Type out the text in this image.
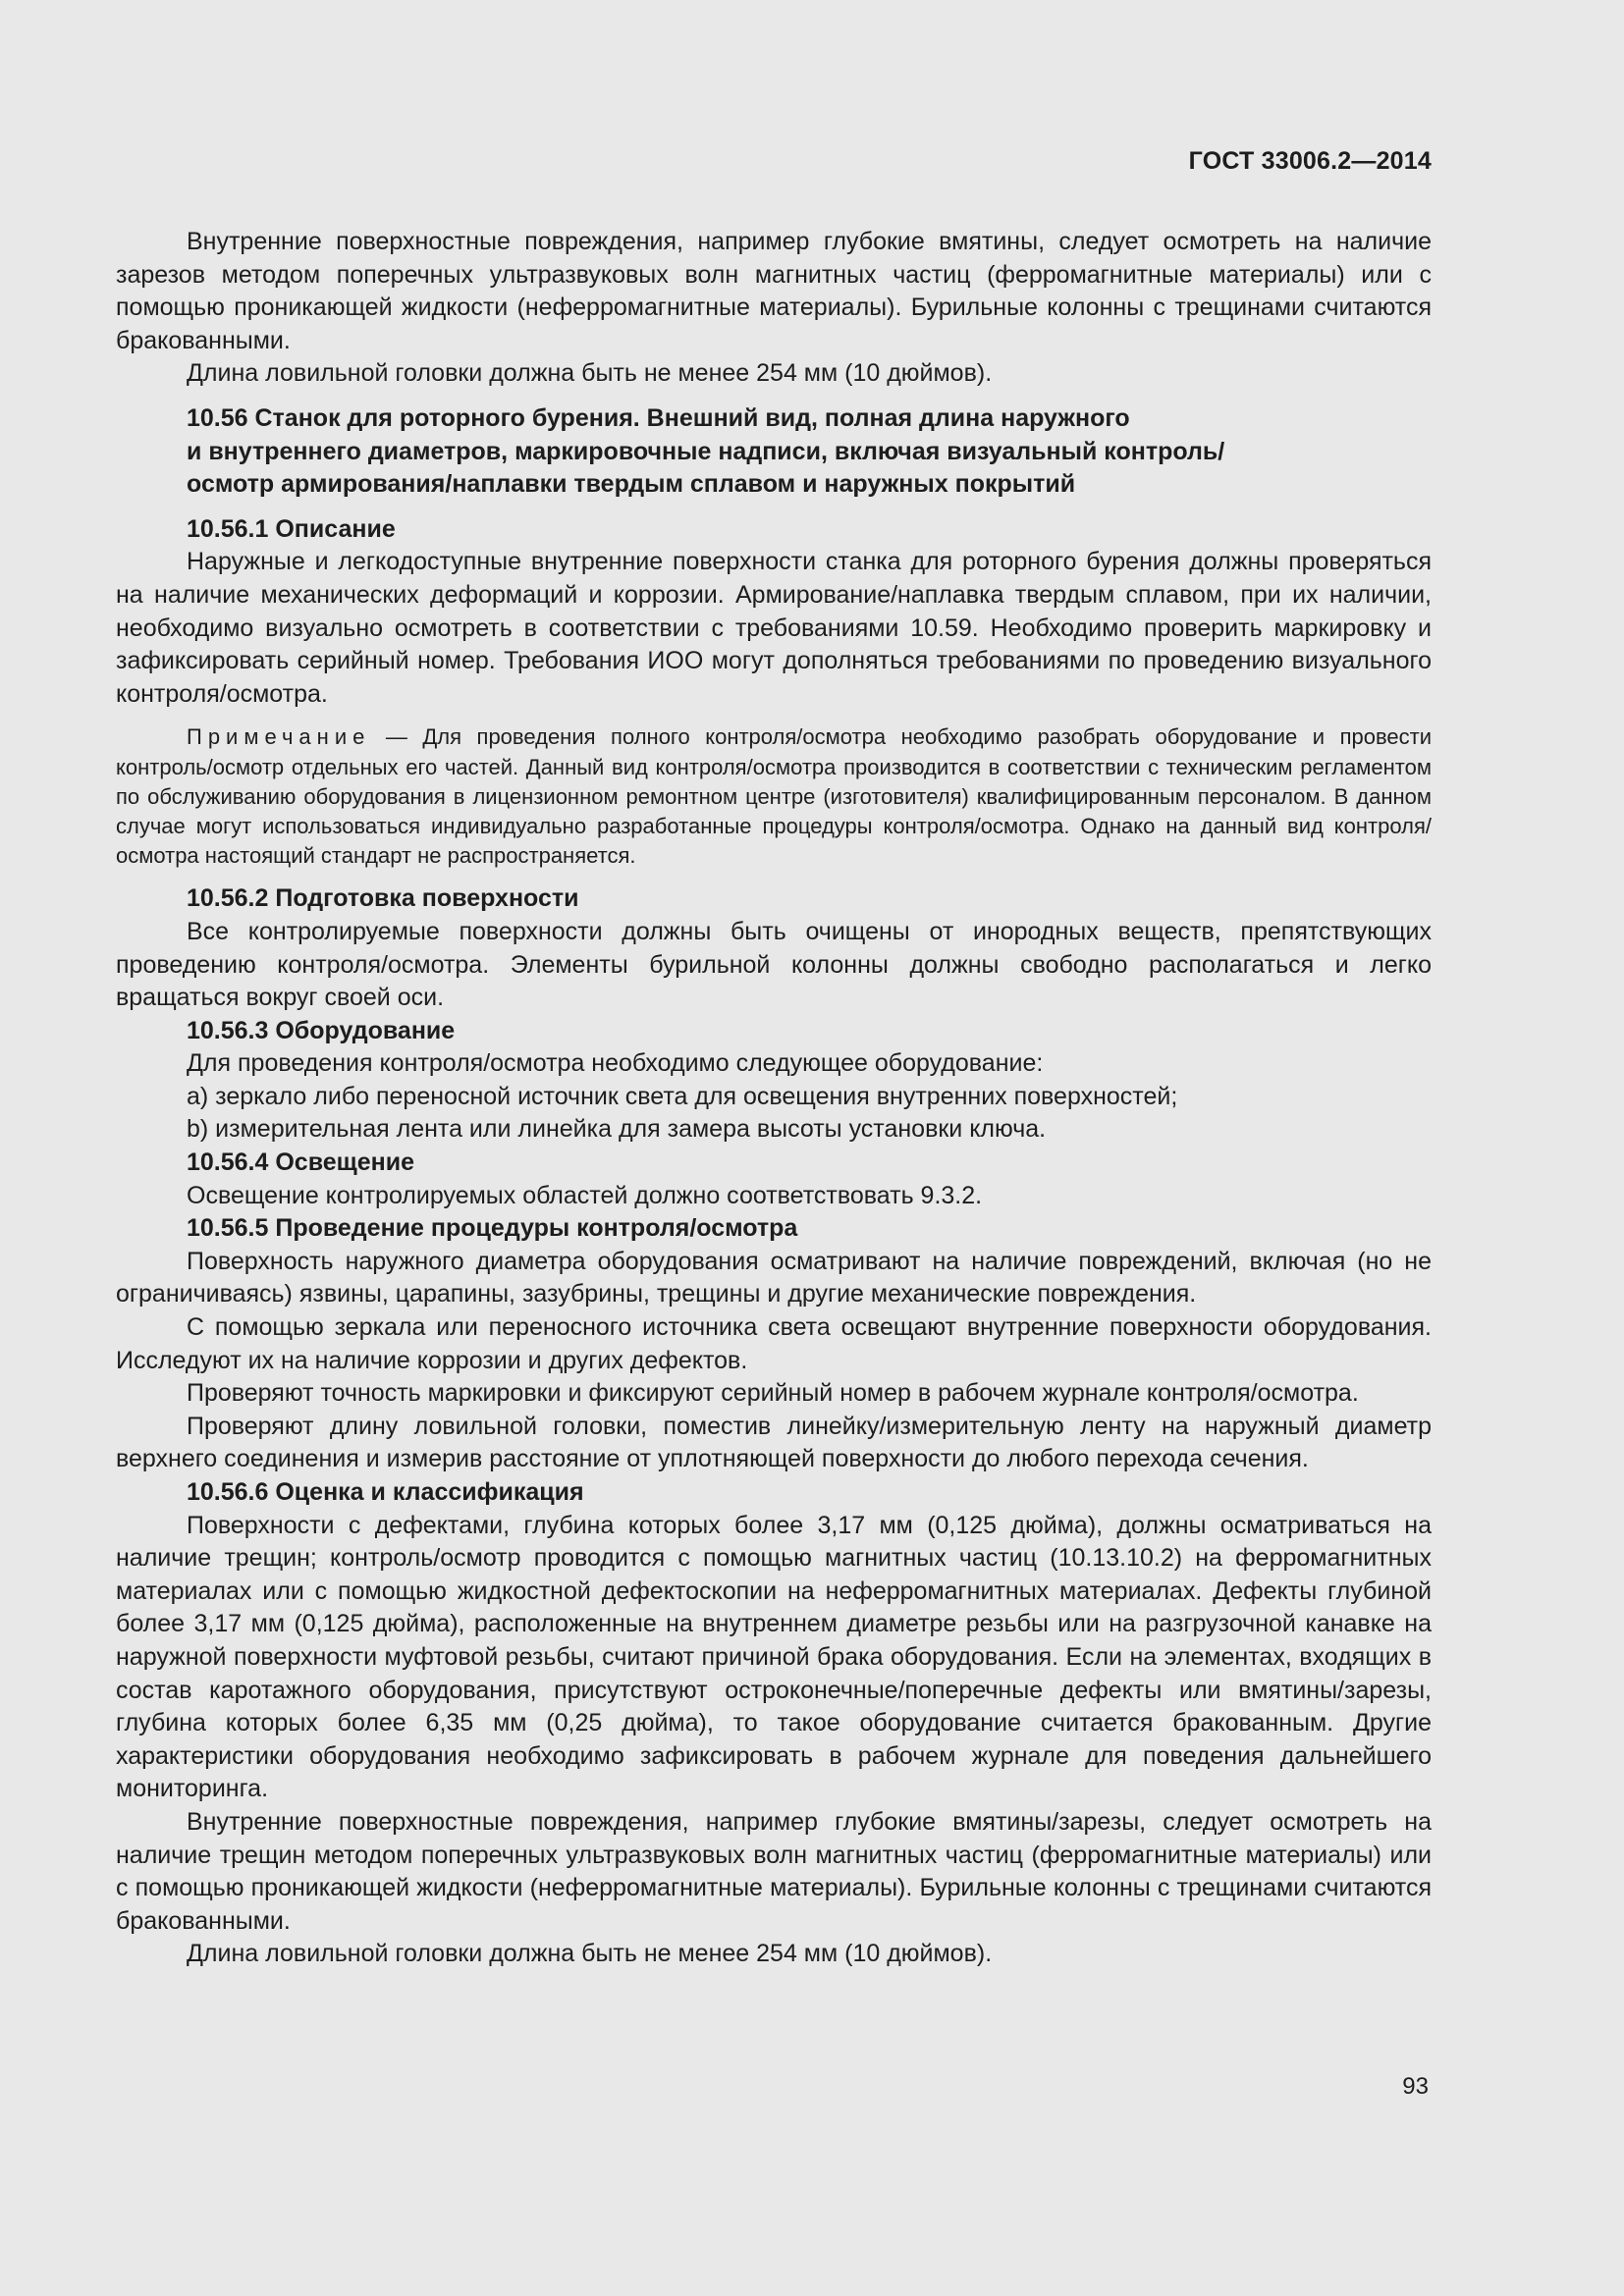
ГОСТ 33006.2—2014

Внутренние поверхностные повреждения, например глубокие вмятины, следует осмотреть на наличие зарезов методом поперечных ультразвуковых волн магнитных частиц (ферромагнитные материалы) или с помощью проникающей жидкости (неферромагнитные материалы). Бурильные колонны с трещинами считаются бракованными.

Длина ловильной головки должна быть не менее 254 мм (10 дюймов).

10.56 Станок для роторного бурения. Внешний вид, полная длина наружного
и внутреннего диаметров, маркировочные надписи, включая визуальный контроль/
осмотр армирования/наплавки твердым сплавом и наружных покрытий
10.56.1 Описание

Наружные и легкодоступные внутренние поверхности станка для роторного бурения должны проверяться на наличие механических деформаций и коррозии. Армирование/наплавка твердым сплавом, при их наличии, необходимо визуально осмотреть в соответствии с требованиями 10.59. Необходимо проверить маркировку и зафиксировать серийный номер. Требования ИОО могут дополняться требованиями по проведению визуального контроля/осмотра.

Примечание — Для проведения полного контроля/осмотра необходимо разобрать оборудование и провести контроль/осмотр отдельных его частей. Данный вид контроля/осмотра производится в соответствии с техническим регламентом по обслуживанию оборудования в лицензионном ремонтном центре (изготовителя) квалифицированным персоналом. В данном случае могут использоваться индивидуально разработанные процедуры контроля/осмотра. Однако на данный вид контроля/осмотра настоящий стандарт не распространяется.

10.56.2 Подготовка поверхности

Все контролируемые поверхности должны быть очищены от инородных веществ, препятствующих проведению контроля/осмотра. Элементы бурильной колонны должны свободно располагаться и легко вращаться вокруг своей оси.

10.56.3 Оборудование

Для проведения контроля/осмотра необходимо следующее оборудование:

a) зеркало либо переносной источник света для освещения внутренних поверхностей;

b) измерительная лента или линейка для замера высоты установки ключа.

10.56.4 Освещение

Освещение контролируемых областей должно соответствовать 9.3.2.

10.56.5 Проведение процедуры контроля/осмотра

Поверхность наружного диаметра оборудования осматривают на наличие повреждений, включая (но не ограничиваясь) язвины, царапины, зазубрины, трещины и другие механические повреждения.

С помощью зеркала или переносного источника света освещают внутренние поверхности оборудования. Исследуют их на наличие коррозии и других дефектов.

Проверяют точность маркировки и фиксируют серийный номер в рабочем журнале контроля/осмотра.

Проверяют длину ловильной головки, поместив линейку/измерительную ленту на наружный диаметр верхнего соединения и измерив расстояние от уплотняющей поверхности до любого перехода сечения.

10.56.6 Оценка и классификация

Поверхности с дефектами, глубина которых более 3,17 мм (0,125 дюйма), должны осматриваться на наличие трещин; контроль/осмотр проводится с помощью магнитных частиц (10.13.10.2) на ферромагнитных материалах или с помощью жидкостной дефектоскопии на неферромагнитных материалах. Дефекты глубиной более 3,17 мм (0,125 дюйма), расположенные на внутреннем диаметре резьбы или на разгрузочной канавке на наружной поверхности муфтовой резьбы, считают причиной брака оборудования. Если на элементах, входящих в состав каротажного оборудования, присутствуют остроконечные/поперечные дефекты или вмятины/зарезы, глубина которых более 6,35 мм (0,25 дюйма), то такое оборудование считается бракованным. Другие характеристики оборудования необходимо зафиксировать в рабочем журнале для поведения дальнейшего мониторинга.

Внутренние поверхностные повреждения, например глубокие вмятины/зарезы, следует осмотреть на наличие трещин методом поперечных ультразвуковых волн магнитных частиц (ферромагнитные материалы) или с помощью проникающей жидкости (неферромагнитные материалы). Бурильные колонны с трещинами считаются бракованными.

Длина ловильной головки должна быть не менее 254 мм (10 дюймов).

93
